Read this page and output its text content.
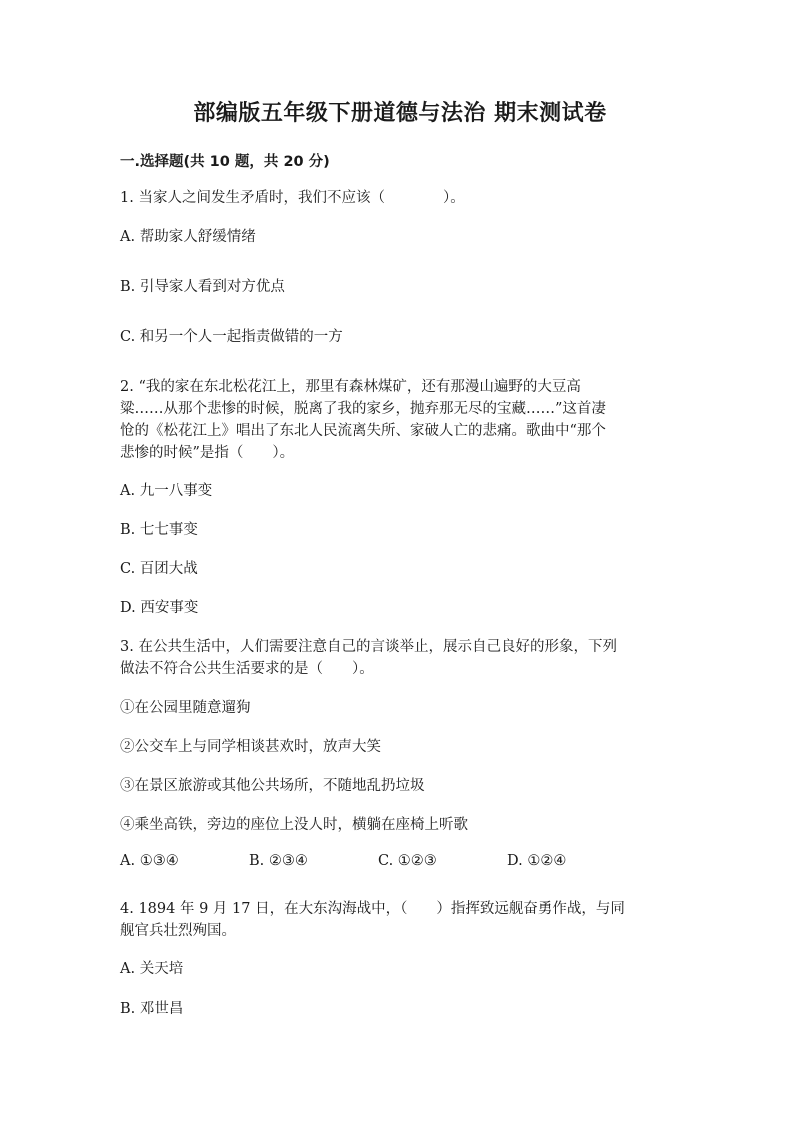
部编版五年级下册道德与法治 期末测试卷
一.选择题(共 10 题，共 20 分)
1. 当家人之间发生矛盾时，我们不应该（　　　　）。
A. 帮助家人舒缓情绪
B. 引导家人看到对方优点
C. 和另一个人一起指责做错的一方
2. “我的家在东北松花江上，那里有森林煤矿，还有那漫山遍野的大豆高
粱……从那个悲惨的时候，脱离了我的家乡，抛弃那无尽的宝藏……”这首凄
怆的《松花江上》唱出了东北人民流离失所、家破人亡的悲痛。歌曲中“那个
悲惨的时候”是指（　　）。
A. 九一八事变
B. 七七事变
C. 百团大战
D. 西安事变
3. 在公共生活中，人们需要注意自己的言谈举止，展示自己良好的形象，下列
做法不符合公共生活要求的是（　　）。
①在公园里随意遛狗
②公交车上与同学相谈甚欢时，放声大笑
③在景区旅游或其他公共场所，不随地乱扔垃圾
④乘坐高铁，旁边的座位上没人时，横躺在座椅上听歌
A. ①③④	B. ②③④	C. ①②③	D. ①②④
4. 1894 年 9 月 17 日，在大东沟海战中，（　　）指挥致远舰奋勇作战，与同
舰官兵壮烈殉国。
A. 关天培
B. 邓世昌
